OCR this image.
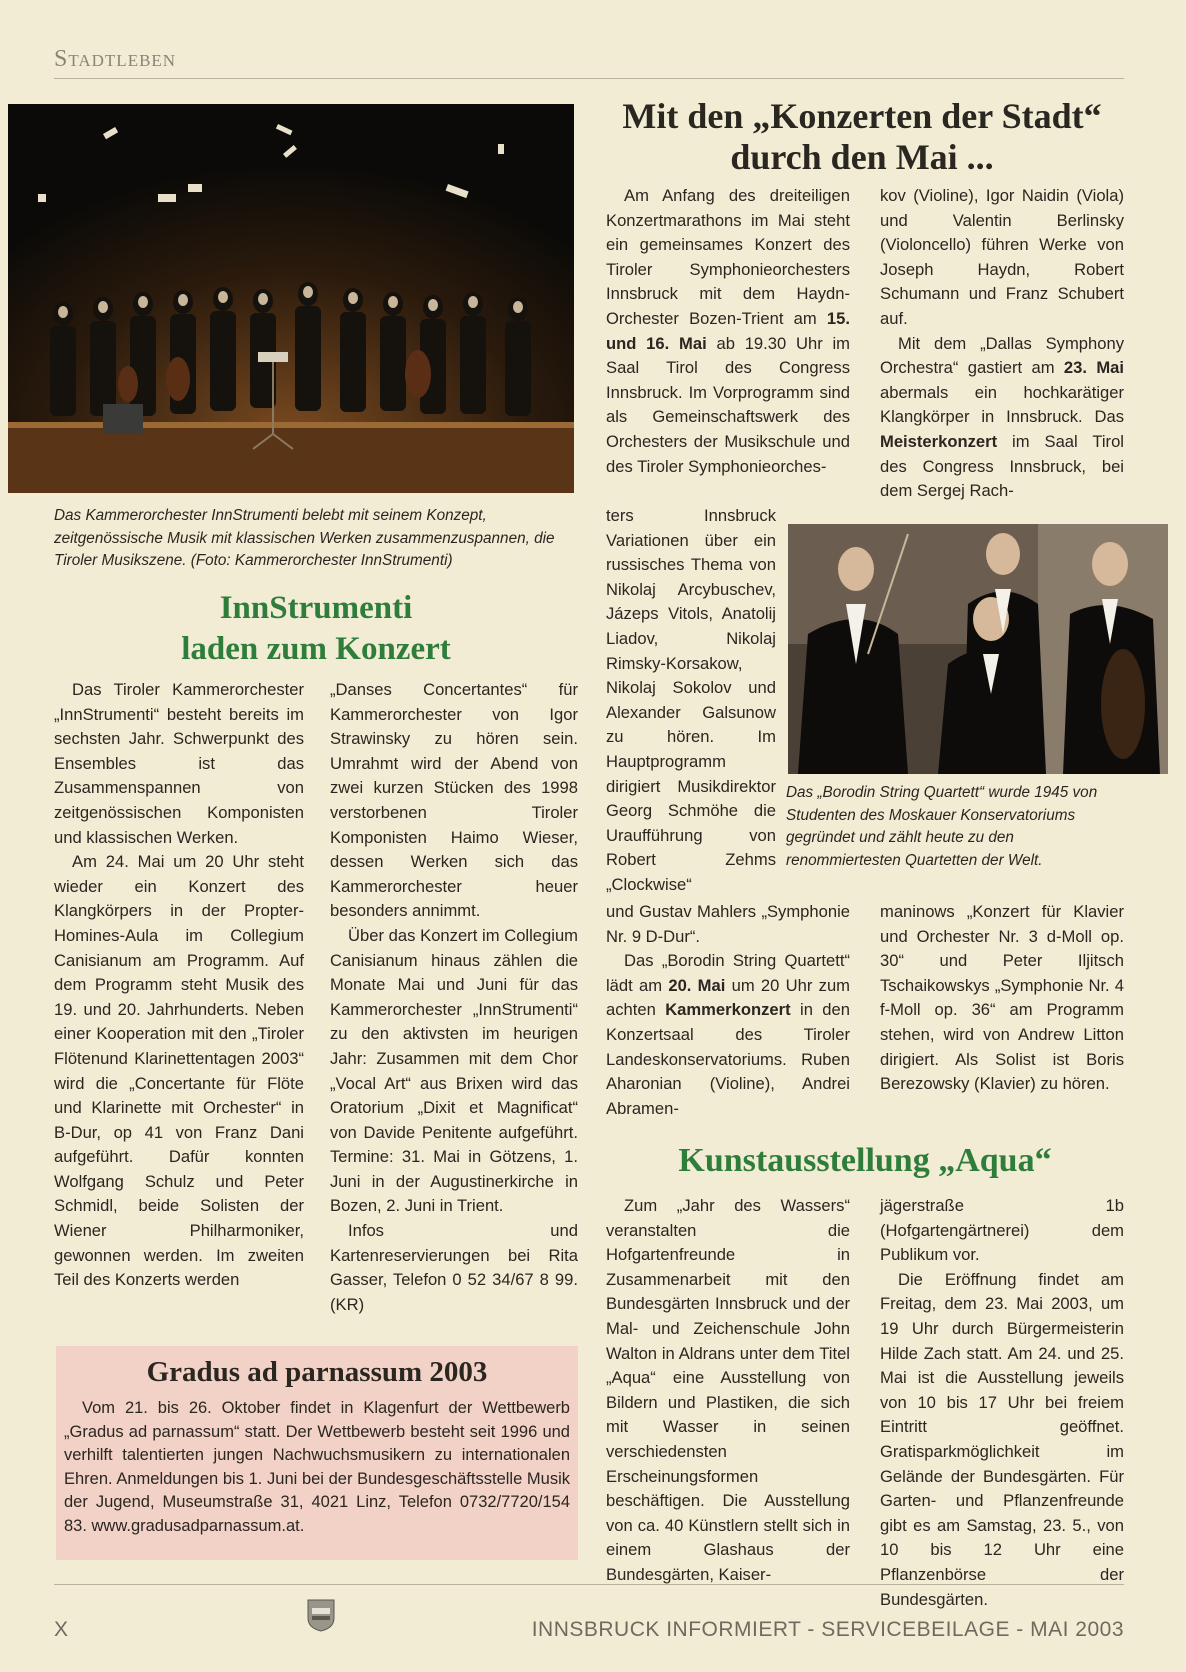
Stadtleben
Das Kammerorchester InnStrumenti belebt mit seinem Konzept, zeitgenössische Musik mit klassischen Werken zusammenzuspannen, die Tiroler Musikszene. (Foto: Kammerorchester InnStrumenti)
Mit den „Konzerten der Stadt“ durch den Mai ...

kov (Violine), Igor Naidin (Viola) und Valentin Berlinsky (Violoncello) führen Werke von Joseph Haydn, Robert Schumann und Franz Schubert auf.

Mit dem „Dallas Symphony Orchestra“ gastiert am 23. Mai abermals ein hochkarätiger Klangkörper in Innsbruck. Das Meisterkonzert im Saal Tirol des Congress Innsbruck, bei dem Sergej Rach-

Am Anfang des dreiteiligen Konzertmarathons im Mai steht ein gemeinsames Konzert des Tiroler Symphonieorchesters Innsbruck mit dem Haydn-Orchester Bozen-Trient am 15. und 16. Mai ab 19.30 Uhr im Saal Tirol des Congress Innsbruck. Im Vorprogramm sind als Gemeinschaftswerk des Orchesters der Musikschule und des Tiroler Symphonieorches-

ters Innsbruck Variationen über ein russisches Thema von Nikolaj Arcybuschev, Jázeps Vitols, Anatolij Liadov, Nikolaj Rimsky-Korsakow, Nikolaj Sokolov und Alexander Galsunow zu hören. Im Hauptprogramm dirigiert Musikdirektor Georg Schmöhe die Uraufführung von Robert Zehms „Clockwise“

Das „Borodin String Quartett“ wurde 1945 von Studenten des Moskauer Konservatoriums gegründet und zählt heute zu den renommiertesten Quartetten der Welt.

und Gustav Mahlers „Symphonie Nr. 9 D-Dur“.

Das „Borodin String Quartett“ lädt am 20. Mai um 20 Uhr zum achten Kammerkonzert in den Konzertsaal des Tiroler Landeskonservatoriums. Ruben Aharonian (Violine), Andrei Abramen-

maninows „Konzert für Klavier und Orchester Nr. 3 d-Moll op. 30“ und Peter Iljitsch Tschaikowskys „Symphonie Nr. 4 f-Moll op. 36“ am Programm stehen, wird von Andrew Litton dirigiert. Als Solist ist Boris Berezowsky (Klavier) zu hören.

InnStrumenti
laden zum Konzert

Das Tiroler Kammerorchester „InnStrumenti“ besteht bereits im sechsten Jahr. Schwerpunkt des Ensembles ist das Zusammenspannen von zeitgenössischen Komponisten und klassischen Werken.

Am 24. Mai um 20 Uhr steht wieder ein Konzert des Klangkörpers in der Propter-Homines-Aula im Collegium Canisianum am Programm. Auf dem Programm steht Musik des 19. und 20. Jahrhunderts. Neben einer Kooperation mit den „Tiroler Flötenund Klarinettentagen 2003“ wird die „Concertante für Flöte und Klarinette mit Orchester“ in B-Dur, op 41 von Franz Dani aufgeführt. Dafür konnten Wolfgang Schulz und Peter Schmidl, beide Solisten der Wiener Philharmoniker, gewonnen werden. Im zweiten Teil des Konzerts werden

„Danses Concertantes“ für Kammerorchester von Igor Strawinsky zu hören sein. Umrahmt wird der Abend von zwei kurzen Stücken des 1998 verstorbenen Tiroler Komponisten Haimo Wieser, dessen Werken sich das Kammerorchester heuer besonders annimmt.

Über das Konzert im Collegium Canisianum hinaus zählen die Monate Mai und Juni für das Kammerorchester „InnStrumenti“ zu den aktivsten im heurigen Jahr: Zusammen mit dem Chor „Vocal Art“ aus Brixen wird das Oratorium „Dixit et Magnificat“ von Davide Penitente aufgeführt. Termine: 31. Mai in Götzens, 1. Juni in der Augustinerkirche in Bozen, 2. Juni in Trient.

Infos und Kartenreservierungen bei Rita Gasser, Telefon 0 52 34/67 8 99. (KR)

Gradus ad parnassum 2003
Vom 21. bis 26. Oktober findet in Klagenfurt der Wettbewerb „Gradus ad parnassum“ statt. Der Wettbewerb besteht seit 1996 und verhilft talentierten jungen Nachwuchsmusikern zu internationalen Ehren. Anmeldungen bis 1. Juni bei der Bundesgeschäftsstelle Musik der Jugend, Museumstraße 31, 4021 Linz, Telefon 0732/7720/154 83. www.gradusadparnassum.at.
Kunstausstellung „Aqua“

Zum „Jahr des Wassers“ veranstalten die Hofgartenfreunde in Zusammenarbeit mit den Bundesgärten Innsbruck und der Mal- und Zeichenschule John Walton in Aldrans unter dem Titel „Aqua“ eine Ausstellung von Bildern und Plastiken, die sich mit Wasser in seinen verschiedensten Erscheinungsformen beschäftigen. Die Ausstellung von ca. 40 Künstlern stellt sich in einem Glashaus der Bundesgärten, Kaiser-

jägerstraße 1b (Hofgartengärtnerei) dem Publikum vor.

Die Eröffnung findet am Freitag, dem 23. Mai 2003, um 19 Uhr durch Bürgermeisterin Hilde Zach statt. Am 24. und 25. Mai ist die Ausstellung jeweils von 10 bis 17 Uhr bei freiem Eintritt geöffnet. Gratisparkmöglichkeit im Gelände der Bundesgärten. Für Garten- und Pflanzenfreunde gibt es am Samstag, 23. 5., von 10 bis 12 Uhr eine Pflanzenbörse der Bundesgärten.

X	INNSBRUCK INFORMIERT - SERVICEBEILAGE - MAI 2003
